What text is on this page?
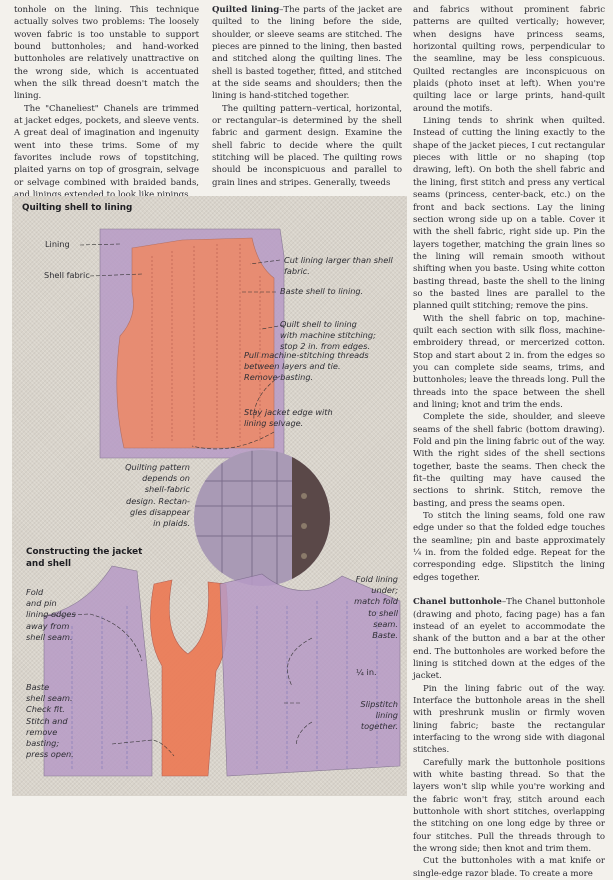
tonhole on the lining. This technique actually solves two problems: The loosely woven fabric is too unstable to support bound buttonholes; and hand-worked buttonholes are relatively unattractive on the wrong side, which is accentuated when the silk thread doesn't match the lining.

The "Chaneliest" Chanels are trimmed at jacket edges, pockets, and sleeve vents. A great deal of imagination and ingenuity went into these trims. Some of my favorites include rows of topstitching, plaited yarns on top of grosgrain, selvage or selvage combined with braided bands,

Quilted lining–The parts of the jacket are quilted to the lining before the side, shoulder, or sleeve seams are stitched. The pieces are pinned to the lining, then basted and stitched along the quilting lines. The shell is basted together, fitted, and stitched at the side seams and shoulders; then the lining is hand-stitched together.

The quilting pattern–vertical, horizontal, or rectangular–is determined by the shell fabric and garment design. Examine the shell fabric to decide where the quilt stitching will be placed. The quilting rows should be inconspicuous and parallel to grain lines and stripes. Generally, tweeds

and fabrics without prominent fabric patterns are quilted vertically; however, when designs have princess seams, horizontal quilting rows, perpendicular to the seamline, may be less conspicuous. Quilted rectangles are inconspicuous on plaids (photo inset at left). When you're quilting lace or large prints, hand-quilt around the motifs.

Lining tends to shrink when quilted. Instead of cutting the lining exactly to the shape of the jacket pieces, I cut rectangular pieces with little or no shaping (top drawing, left). On both the shell fabric and the lining, first stitch and press any vertical seams (princess, center-back, etc.) on the front and back sections. Lay the lining section wrong side up on a table. Cover it with the shell fabric, right side up. Pin the layers together, matching the grain lines so the lining will remain smooth without shifting when you baste. Using white cotton basting thread, baste the shell to the lining so the basted lines are parallel to the planned quilt stitching; remove the pins.

With the shell fabric on top, machine-quilt each section with silk floss, machine-embroidery thread, or mercerized cotton. Stop and start about 2 in. from the edges so you can complete side seams, trims, and buttonholes; leave the threads long. Pull the threads into the space between the shell and lining; knot and trim the ends.

Complete the side, shoulder, and sleeve seams of the shell fabric (bottom drawing). Fold and pin the lining fabric out of the way. With the right sides of the shell sections together, baste the seams. Then check the fit–the quilting may have caused the sections to shrink. Stitch, remove the basting, and press the seams open.

To stitch the lining seams, fold one raw edge under so that the folded edge touches the seamline; pin and baste approximately ¼ in. from the folded edge. Repeat for the corresponding edge. Slipstitch the lining edges together.

Chanel buttonhole–The Chanel buttonhole (drawing and photo, facing page) has a fan instead of an eyelet to accommodate the shank of the button and a bar at the other end. The buttonholes are worked before the lining is stitched down at the edges of the jacket.

Pin the lining fabric out of the way. Interface the buttonhole areas in the shell with preshrunk muslin or firmly woven lining fabric; baste the rectangular interfacing to the wrong side with diagonal stitches.

Carefully mark the buttonhole positions with white basting thread. So that the layers won't slip while you're working and the fabric won't fray, stitch around each buttonhole with short stitches, overlapping the stitching on one long edge by three or four stitches. Pull the threads through to the wrong side; then knot and trim them.

Cut the buttonholes with a mat knife or single-edge razor blade. To create a more

Quilting shell to lining
Lining
Shell fabric
Cut lining larger than shell fabric.
Baste shell to lining.
Quilt shell to lining
with machine stitching;
stop 2 in. from edges.
Pull machine-stitching threads
between layers and tie.
Remove basting.
Stay jacket edge with
lining selvage.
Quilting pattern
depends on
shell-fabric
design. Rectan-
gles disappear
in plaids.
Constructing the jacket
and shell
Fold
and pin
lining edges
away from
shell seam.
Baste
shell seam.
Check fit.
Stitch and
remove
basting;
press open.
Fold lining
under;
match fold
to shell
seam.
Baste.
¼ in.
Slipstitch
lining
together.
